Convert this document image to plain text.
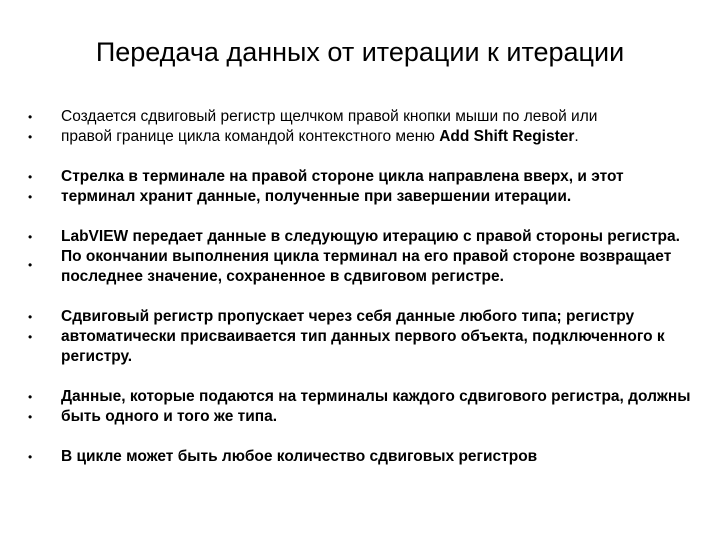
Передача данных от итерации к итерации
•
•

Создается сдвиговый регистр щелчком правой кнопки мыши по левой или
правой границе цикла командой контекстного меню Add Shift Register.

•
•

Стрелка в терминале на правой стороне цикла направлена вверх, и этот терминал хранит данные, полученные при завершении итерации.

•
•

LabVIEW передает данные в следующую итерацию с правой стороны регистра.
По окончании выполнения цикла терминал на его правой стороне возвращает последнее значение, сохраненное в сдвиговом регистре.

•
•

Сдвиговый регистр пропускает через себя данные любого типа; регистру автоматически присваивается тип данных первого объекта, подключенного к регистру.

•
•

Данные, которые подаются на терминалы каждого сдвигового регистра, должны быть одного и того же типа.

• В цикле может быть любое количество сдвиговых регистров
